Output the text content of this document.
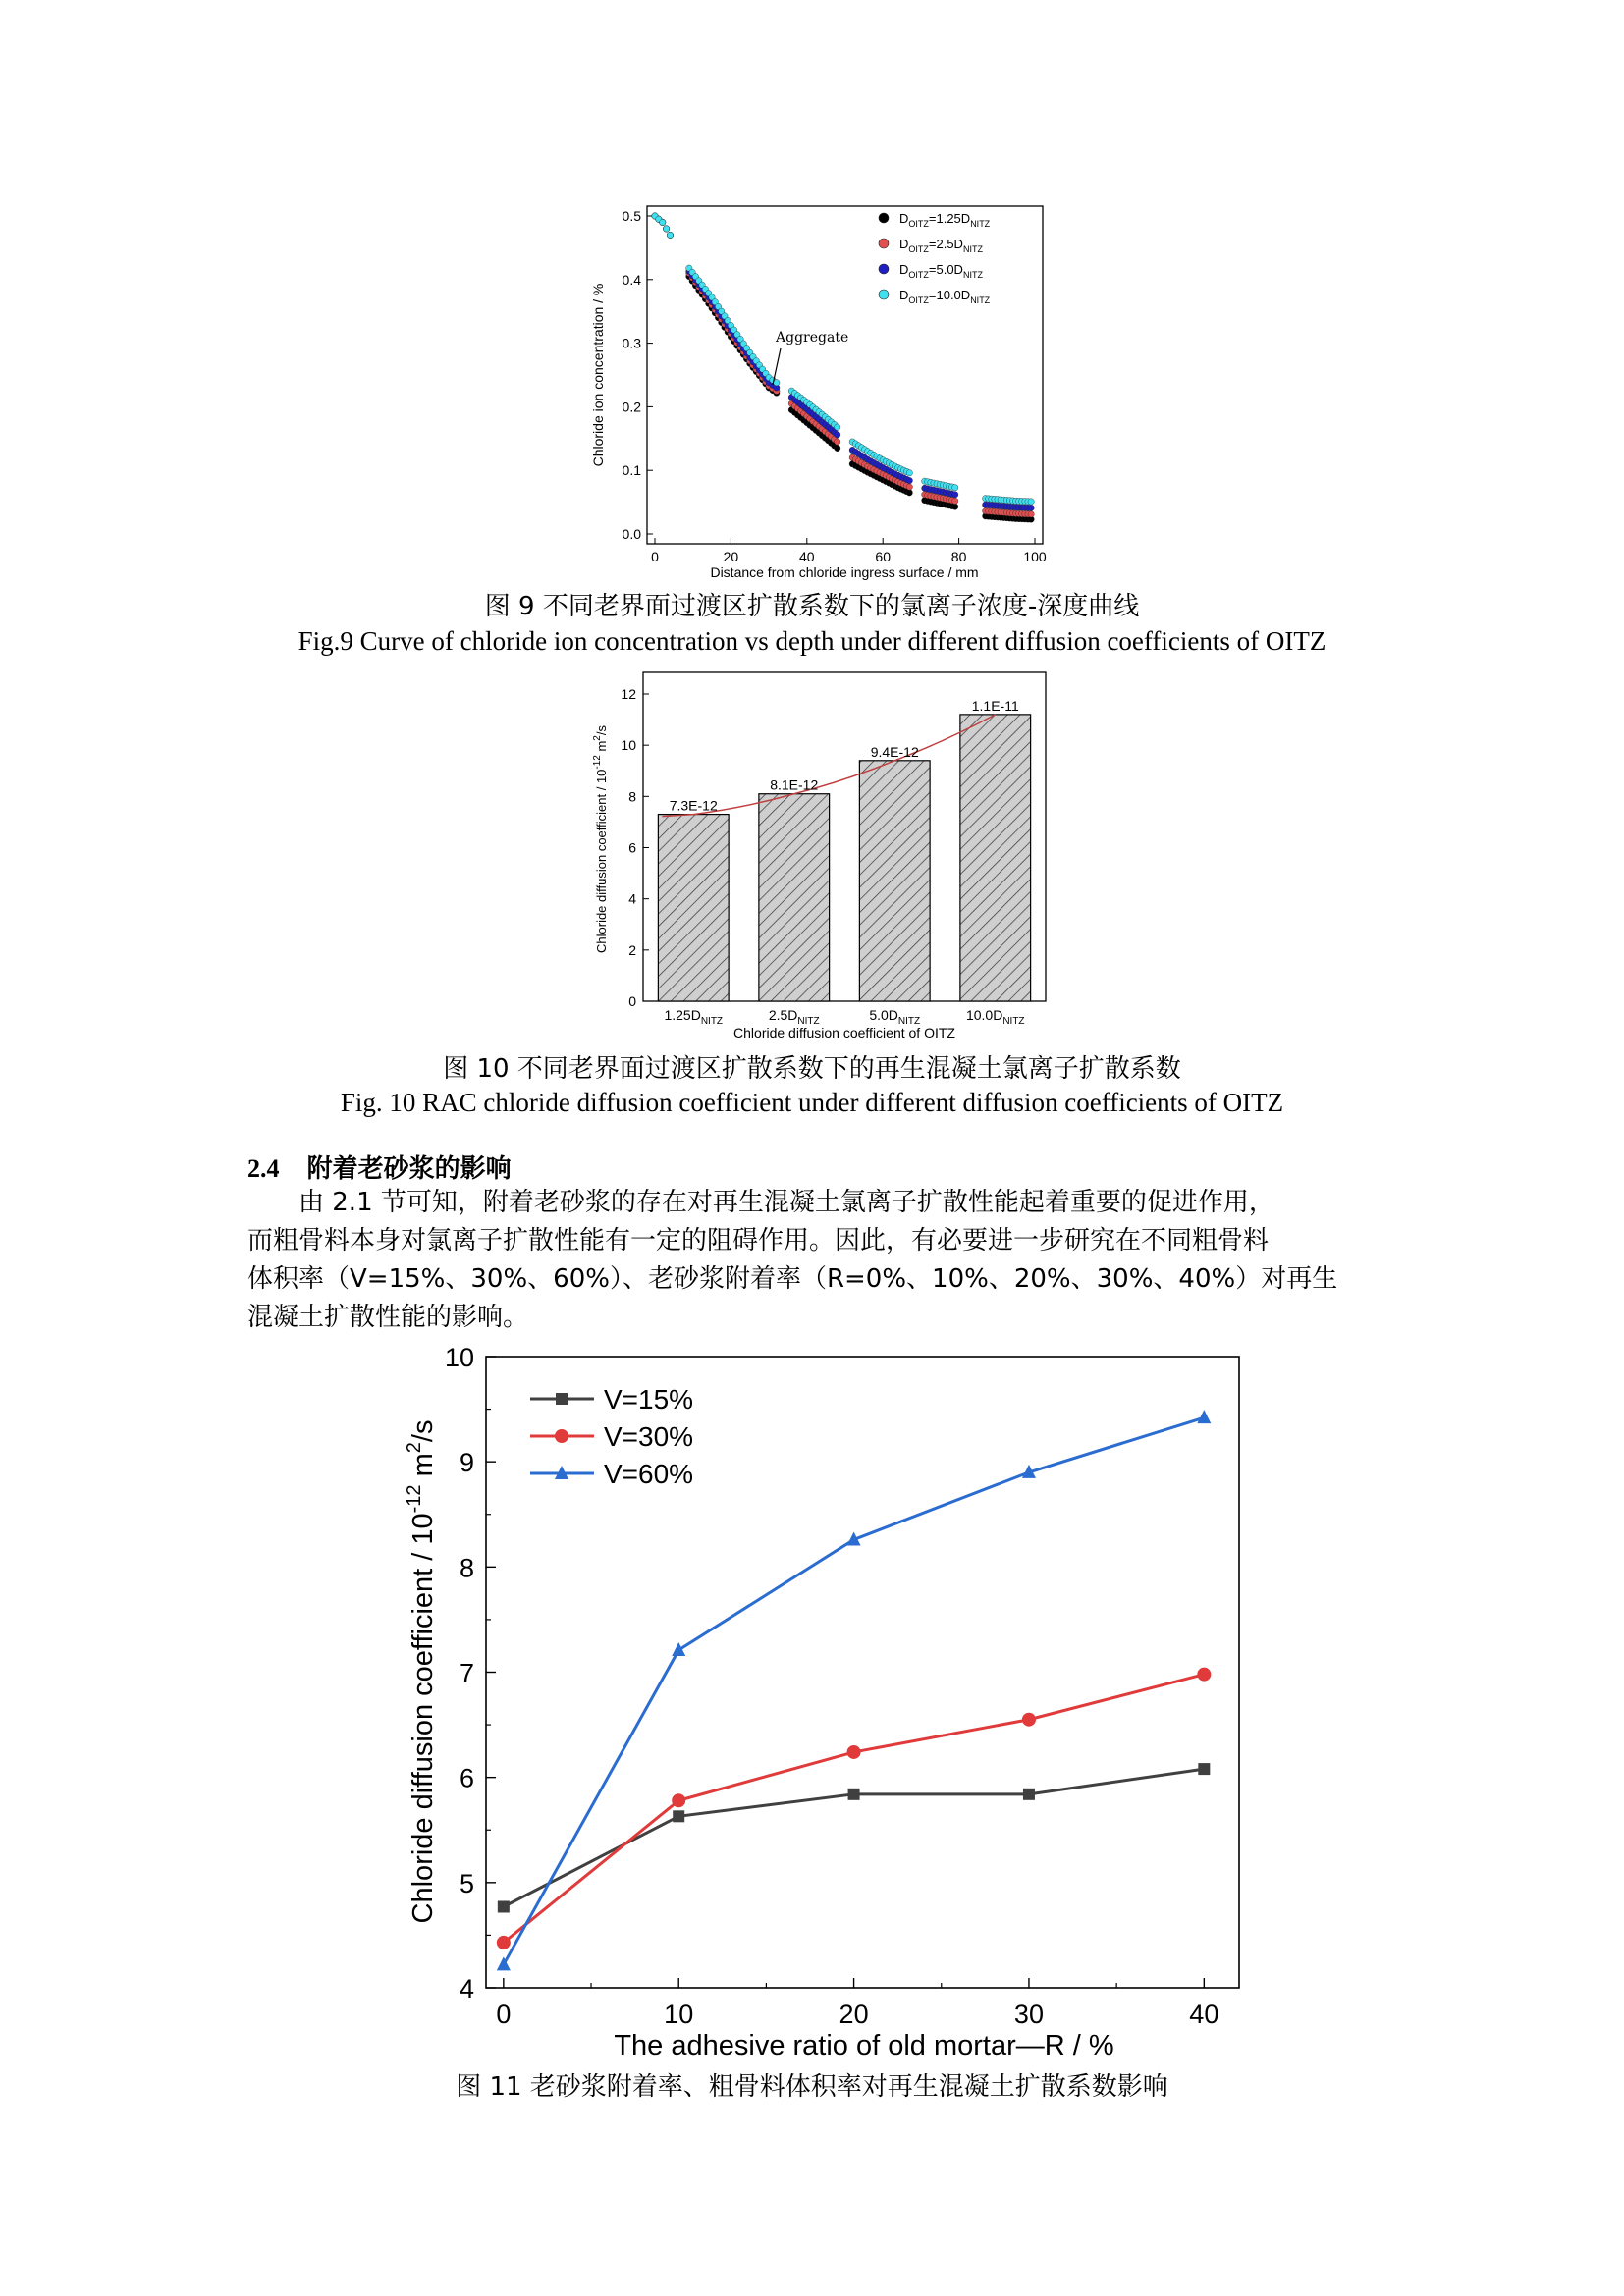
0	20	40	60	80	100
0.0
0.1
0.2
0.3
0.4
0.5	$D_{OITZ}=1.25D_{NITZ}$
$D_{OITZ}=2.5D_{NITZ}$
$D_{OITZ}=5.0D_{NITZ}$
$D_{OITZ}=10.0D_{NITZ}$
Aggregate
Distance from chloride ingress surface / mm
Chloride ion concentration / %
图 9 不同老界面过渡区扩散系数下的氯离子浓度-深度曲线
Fig.9 Curve of chloride ion concentration vs depth under different diffusion coefficients of OITZ
0
2
4
6
8
10
12
7.3E-12
$1.25D_{NITZ}$
8.1E-12
$2.5D_{NITZ}$
9.4E-12
$5.0D_{NITZ}$
1.1E-11
$10.0D_{NITZ}$
Chloride diffusion coefficient of OITZ
Chloride diffusion coefficient / $10^{-12}$ $m^2/s$
图 10 不同老界面过渡区扩散系数下的再生混凝土氯离子扩散系数
Fig. 10 RAC chloride diffusion coefficient under different diffusion coefficients of OITZ
2.4 附着老砂浆的影响
由 2.1 节可知，附着老砂浆的存在对再生混凝土氯离子扩散性能起着重要的促进作用，
而粗骨料本身对氯离子扩散性能有一定的阻碍作用。因此，有必要进一步研究在不同粗骨料
体积率（V=15%、30%、60%）、老砂浆附着率（R=0%、10%、20%、30%、40%）对再生
混凝土扩散性能的影响。
0	10	20	30	40
4
5
6
7
8
9
10
V=15%
V=30%
V=60%
The adhesive ratio of old mortar—R / %
Chloride diffusion coefficient / $10^{-12}$ $m^2/s$
图 11 老砂浆附着率、粗骨料体积率对再生混凝土扩散系数影响
